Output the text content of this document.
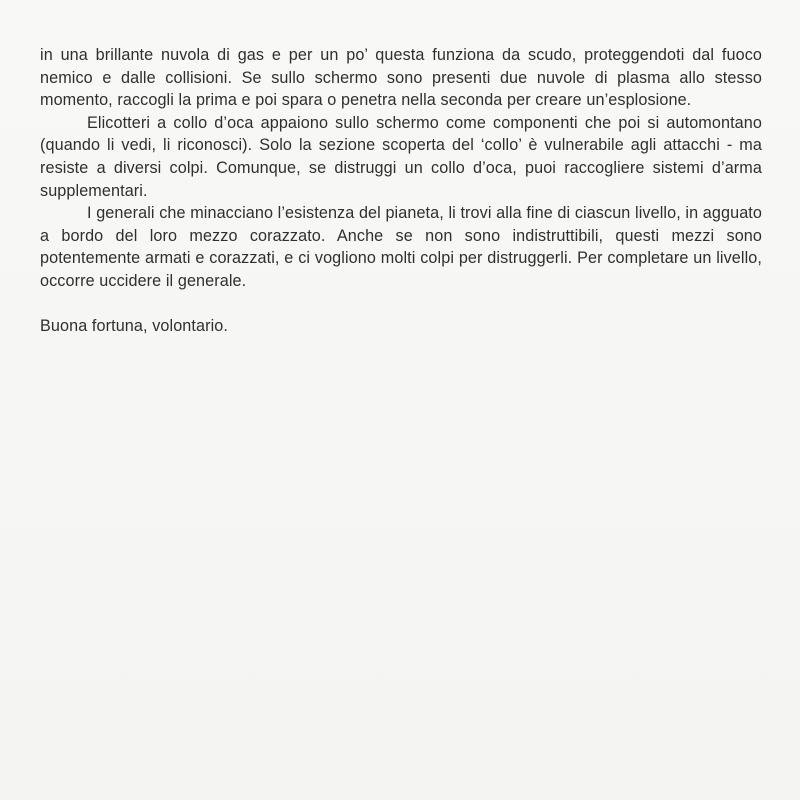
in una brillante nuvola di gas e per un po’ questa funziona da scudo, proteggendoti dal fuoco nemico e dalle collisioni. Se sullo schermo sono presenti due nuvole di plasma allo stesso momento, raccogli la prima e poi spara o penetra nella seconda per creare un’esplosione.

Elicotteri a collo d’oca appaiono sullo schermo come componenti che poi si automontano (quando li vedi, li riconosci). Solo la sezione scoperta del ‘collo’ è vulnerabile agli attacchi - ma resiste a diversi colpi. Comunque, se distruggi un collo d’oca, puoi raccogliere sistemi d’arma supplementari.

I generali che minacciano l’esistenza del pianeta, li trovi alla fine di ciascun livello, in agguato a bordo del loro mezzo corazzato. Anche se non sono indistruttibili, questi mezzi sono potentemente armati e corazzati, e ci vogliono molti colpi per distruggerli. Per completare un livello, occorre uccidere il generale.

Buona fortuna, volontario.
